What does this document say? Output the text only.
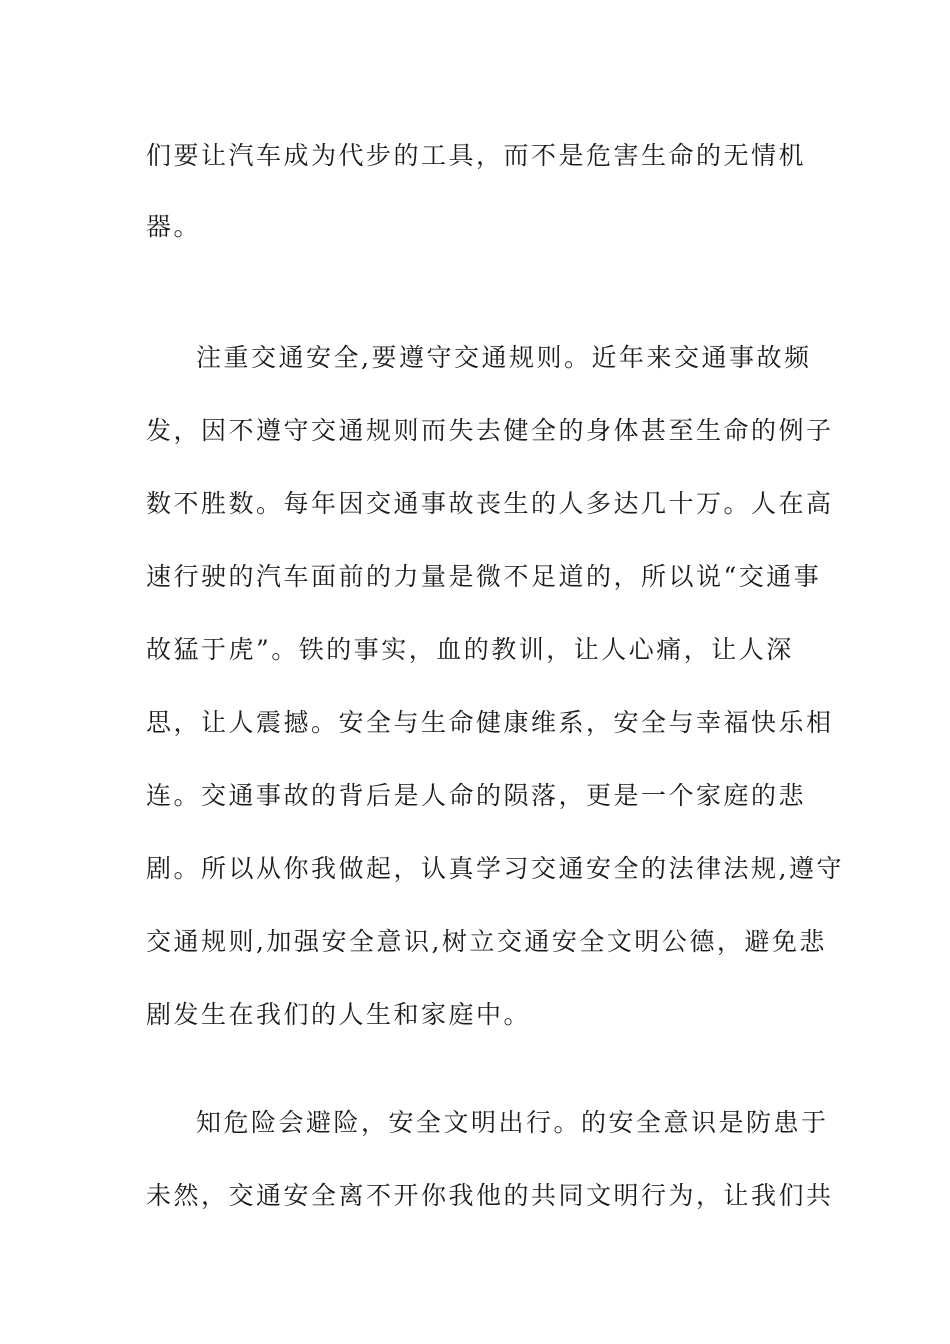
们要让汽车成为代步的工具，而不是危害生命的无情机
器。
注重交通安全,要遵守交通规则。近年来交通事故频
发，因不遵守交通规则而失去健全的身体甚至生命的例子
数不胜数。每年因交通事故丧生的人多达几十万。人在高
速行驶的汽车面前的力量是微不足道的，所以说“交通事
故猛于虎”。铁的事实，血的教训，让人心痛，让人深
思，让人震撼。安全与生命健康维系，安全与幸福快乐相
连。交通事故的背后是人命的陨落，更是一个家庭的悲
剧。所以从你我做起，认真学习交通安全的法律法规,遵守
交通规则,加强安全意识,树立交通安全文明公德，避免悲
剧发生在我们的人生和家庭中。
知危险会避险，安全文明出行。的安全意识是防患于
未然，交通安全离不开你我他的共同文明行为，让我们共
